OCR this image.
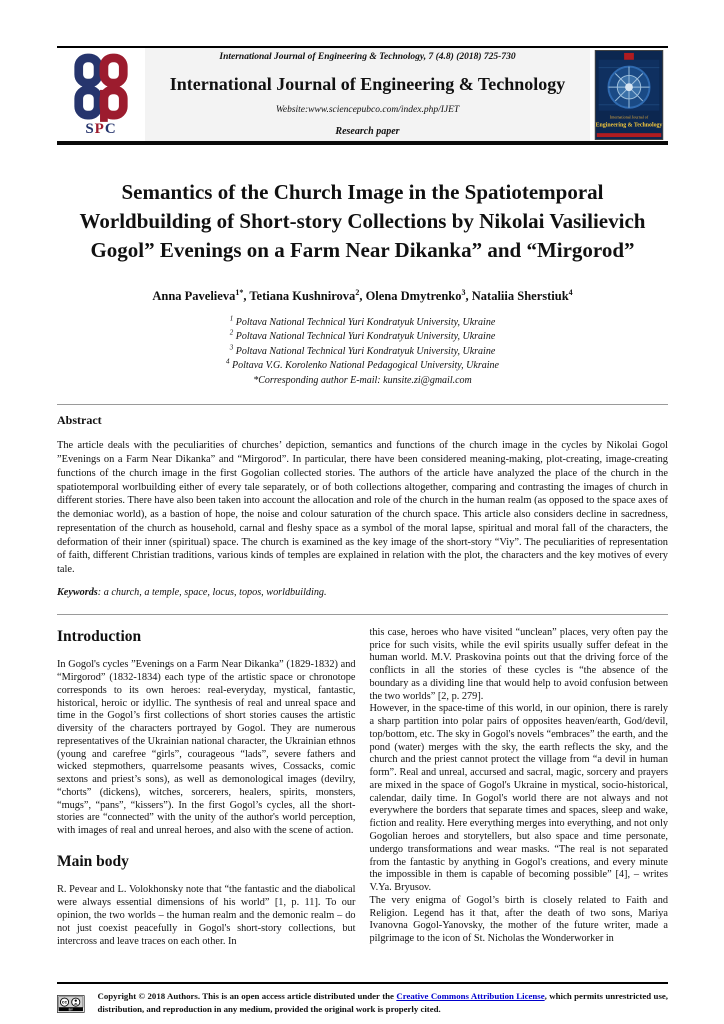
SPC
International Journal of Engineering & Technology, 7 (4.8) (2018) 725-730
International Journal of Engineering & Technology
Website:www.sciencepubco.com/index.php/IJET
Research paper
International Journal of
Engineering & Technology
Semantics of the Church Image in the Spatiotemporal Worldbuilding of Short-story Collections by Nikolai Vasilievich Gogol” Evenings on a Farm Near Dikanka” and “Mirgorod”
Anna Pavelieva$^{1*}$, Tetiana Kushnirova$^2$, Olena Dmytrenko$^3$, Nataliia Sherstiuk$^4$
$^1$ Poltava National Technical Yuri Kondratyuk University, Ukraine
$^2$ Poltava National Technical Yuri Kondratyuk University, Ukraine
$^3$ Poltava National Technical Yuri Kondratyuk University, Ukraine
$^4$ Poltava V.G. Korolenko National Pedagogical University, Ukraine
*Corresponding author E-mail: kunsite.zi@gmail.com
Abstract
The article deals with the peculiarities of churches’ depiction, semantics and functions of the church image in the cycles by Nikolai Gogol ”Evenings on a Farm Near Dikanka” and “Mirgorod”. In particular, there have been considered meaning-making, plot-creating, image-creating functions of the church image in the first Gogolian collected stories. The authors of the article have analyzed the place of the church in the spatiotemporal worlbuilding either of every tale separately, or of both collections altogether, comparing and contrasting the images of church in different stories. There have also been taken into account the allocation and role of the church in the human realm (as opposed to the space axes of the demoniac world), as a bastion of hope, the noise and colour saturation of the church space. This article also considers decline in sacredness, representation of the church as household, carnal and fleshy space as a symbol of the moral lapse, spiritual and moral fall of the characters, the deformation of their inner (spiritual) space. The church is examined as the key image of the short-story “Viy”. The peculiarities of representation of faith, different Christian traditions, various kinds of temples are explained in relation with the plot, the characters and the key motives of every tale.
Keywords: a church, a temple, space, locus, topos, worldbuilding.
Introduction

In Gogol's cycles ”Evenings on a Farm Near Dikanka” (1829-1832) and “Mirgorod” (1832-1834) each type of the artistic space or chronotope corresponds to its own heroes: real-everyday, mystical, fantastic, historical, heroic or idyllic. The synthesis of real and unreal space and time in the Gogol’s first collections of short stories causes the artistic diversity of the characters portrayed by Gogol. They are numerous representatives of the Ukrainian national character, the Ukrainian ethnos (young and carefree “girls”, courageous “lads”, severe fathers and wicked stepmothers, quarrelsome peasants wives, Cossacks, comic sextons and priest’s sons), as well as demonological images (devilry, “chorts” (dickens), witches, sorcerers, healers, spirits, monsters, “mugs”, “pans”, “kissers”). In the first Gogol’s cycles, all the short-stories are “connected” with the unity of the author's world perception, with images of real and unreal heroes, and also with the scene of action.

Main body

R. Pevear and L. Volokhonsky note that “the fantastic and the diabolical were always essential dimensions of his world” [1, p. 11]. To our opinion, the two worlds – the human realm and the demonic realm – do not just coexist peacefully in Gogol's short-story collections, but intercross and leave traces on each other. In

this case, heroes who have visited “unclean” places, very often pay the price for such visits, while the evil spirits usually suffer defeat in the human world. M.V. Praskovina points out that the driving force of the conflicts in all the stories of these cycles is “the absence of the boundary as a dividing line that would help to avoid confusion between the two worlds” [2, p. 279].

However, in the space-time of this world, in our opinion, there is rarely a sharp partition into polar pairs of opposites heaven/earth, God/devil, top/bottom, etc. The sky in Gogol's novels “embraces” the earth, and the pond (water) merges with the sky, the earth reflects the sky, and the church and the priest cannot protect the village from “a devil in human form”. Real and unreal, accursed and sacral, magic, sorcery and prayers are mixed in the space of Gogol's Ukraine in mystical, socio-historical, calendar, daily time. In Gogol's world there are not always and not everywhere the borders that separate times and spaces, sleep and wake, fiction and reality. Here everything merges into everything, and not only Gogolian heroes and storytellers, but also space and time personate, undergo transformations and wear masks. “The real is not separated from the fantastic by anything in Gogol's creations, and every minute the impossible in them is capable of becoming possible” [4], – writes V.Ya. Bryusov.

The very enigma of Gogol’s birth is closely related to Faith and Religion. Legend has it that, after the death of two sons, Mariya Ivanovna Gogol-Yanovsky, the mother of the future writer, made a pilgrimage to the icon of St. Nicholas the Wonderworker in

cc
BY
Copyright © 2018 Authors. This is an open access article distributed under the Creative Commons Attribution License, which permits unrestricted use, distribution, and reproduction in any medium, provided the original work is properly cited.
